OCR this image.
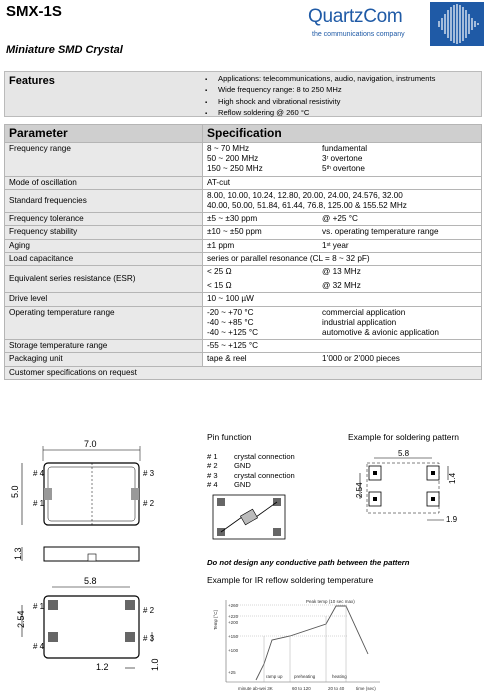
SMX-1S
Miniature SMD Crystal
QuartzCom
the communications company
Features	▪ Applications: telecommunications, audio, navigation, instruments
▪ Wide frequency range: 8 to 250 MHz
▪ High shock and vibrational resistivity
▪ Reflow soldering @ 260 °C
Parameter	Specification
Frequency range	8 ~ 70 MHz fundamental
50 ~ 200 MHz 3$^r$ overtone
150 ~ 250 MHz 5th overtone

Mode of oscillation	AT-cut
Standard frequencies	8.00, 10.00, 10.24, 12.80, 20.00, 24.00, 24.576, 32.00
40.00, 50.00, 51.84, 61.44, 76.8, 125.00 & 155.52 MHz

Frequency tolerance	±5 ~ ±30 ppm @ +25 °C
Frequency stability	±10 ~ ±50 ppm vs. operating temperature range
Aging	±1 ppm 1st year
Load capacitance	series or parallel resonance (CL = 8 ~ 32 pF)
Equivalent series resistance (ESR)	< 25 Ω @ 13 MHz
< 15 Ω @ 32 MHz

Drive level	10 ~ 100 µW
Operating temperature range	-20 ~ +70 °C commercial application
-40 ~ +85 °C industrial application
-40 ~ +125 °C automotive & avionic application

Storage temperature range	-55 ~ +125 °C
Packaging unit	tape & reel 1’000 or 2’000 pieces
Customer specifications on request	
7.0
# 4
# 1
# 3
# 2
5.0
1.3
5.8
# 1	# 2
# 3
# 4
2.54
1.2	1.0
Pin function
# 1 crystal connection
# 2 GND
# 3 crystal connection
# 4 GND
Example for soldering pattern
5.8
2.54
1.4
1.9
Do not design any conductive path between the pattern
Example for IR reflow soldering temperature
Temp [°C]
+260
+220
+200
+150
+100
+25
Peak temp (10 sec max)
ramp up	preheating	heating
minute ab-wei 3K	60 to 120	20 to 40	time (sec)
